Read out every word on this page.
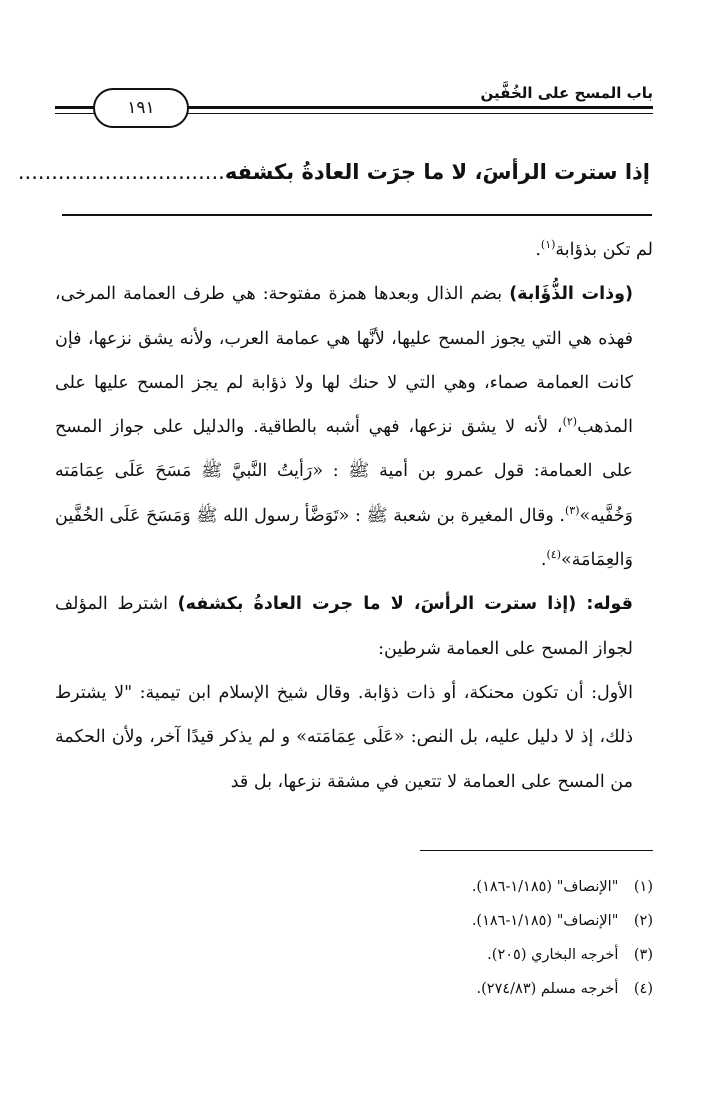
باب المسح على الخُفَّين
١٩١
إذا سترت الرأسَ، لا ما جرَت العادةُ بكشفه...............................

لم تكن بذؤابة$^{(١)}$.

(وذات الذُّؤَابة) بضم الذال وبعدها همزة مفتوحة: هي طرف العمامة المرخى، فهذه هي التي يجوز المسح عليها، لأنَّها هي عمامة العرب، ولأنه يشق نزعها، فإن كانت العمامة صماء، وهي التي لا حنك لها ولا ذؤابة لم يجز المسح عليها على المذهب$^{(٢)}$، لأنه لا يشق نزعها، فهي أشبه بالطاقية. والدليل على جواز المسح على العمامة: قول عمرو بن أمية ﷺ : «رَأيتُ النَّبيَّ ﷺ مَسَحَ عَلَى عِمَامَته وَخُفَّيه»$^{(٣)}$. وقال المغيرة بن شعبة ﷺ : «تَوَضَّأ رسول الله ﷺ وَمَسَحَ عَلَى الخُفَّين وَالعِمَامَة»$^{(٤)}$.

قوله: (إذا سترت الرأسَ، لا ما جرت العادةُ بكشفه) اشترط المؤلف لجواز المسح على العمامة شرطين:

الأول: أن تكون محنكة، أو ذات ذؤابة. وقال شيخ الإسلام ابن تيمية: "لا يشترط ذلك، إذ لا دليل عليه، بل النص: «عَلَى عِمَامَته» و لم يذكر قيدًا آخر، ولأن الحكمة من المسح على العمامة لا تتعين في مشقة نزعها، بل قد

(١) "الإنصاف" (١/١٨٥-١٨٦).
(٢) "الإنصاف" (١/١٨٥-١٨٦).
(٣) أخرجه البخاري (٢٠٥).
(٤) أخرجه مسلم (٢٧٤/٨٣).
